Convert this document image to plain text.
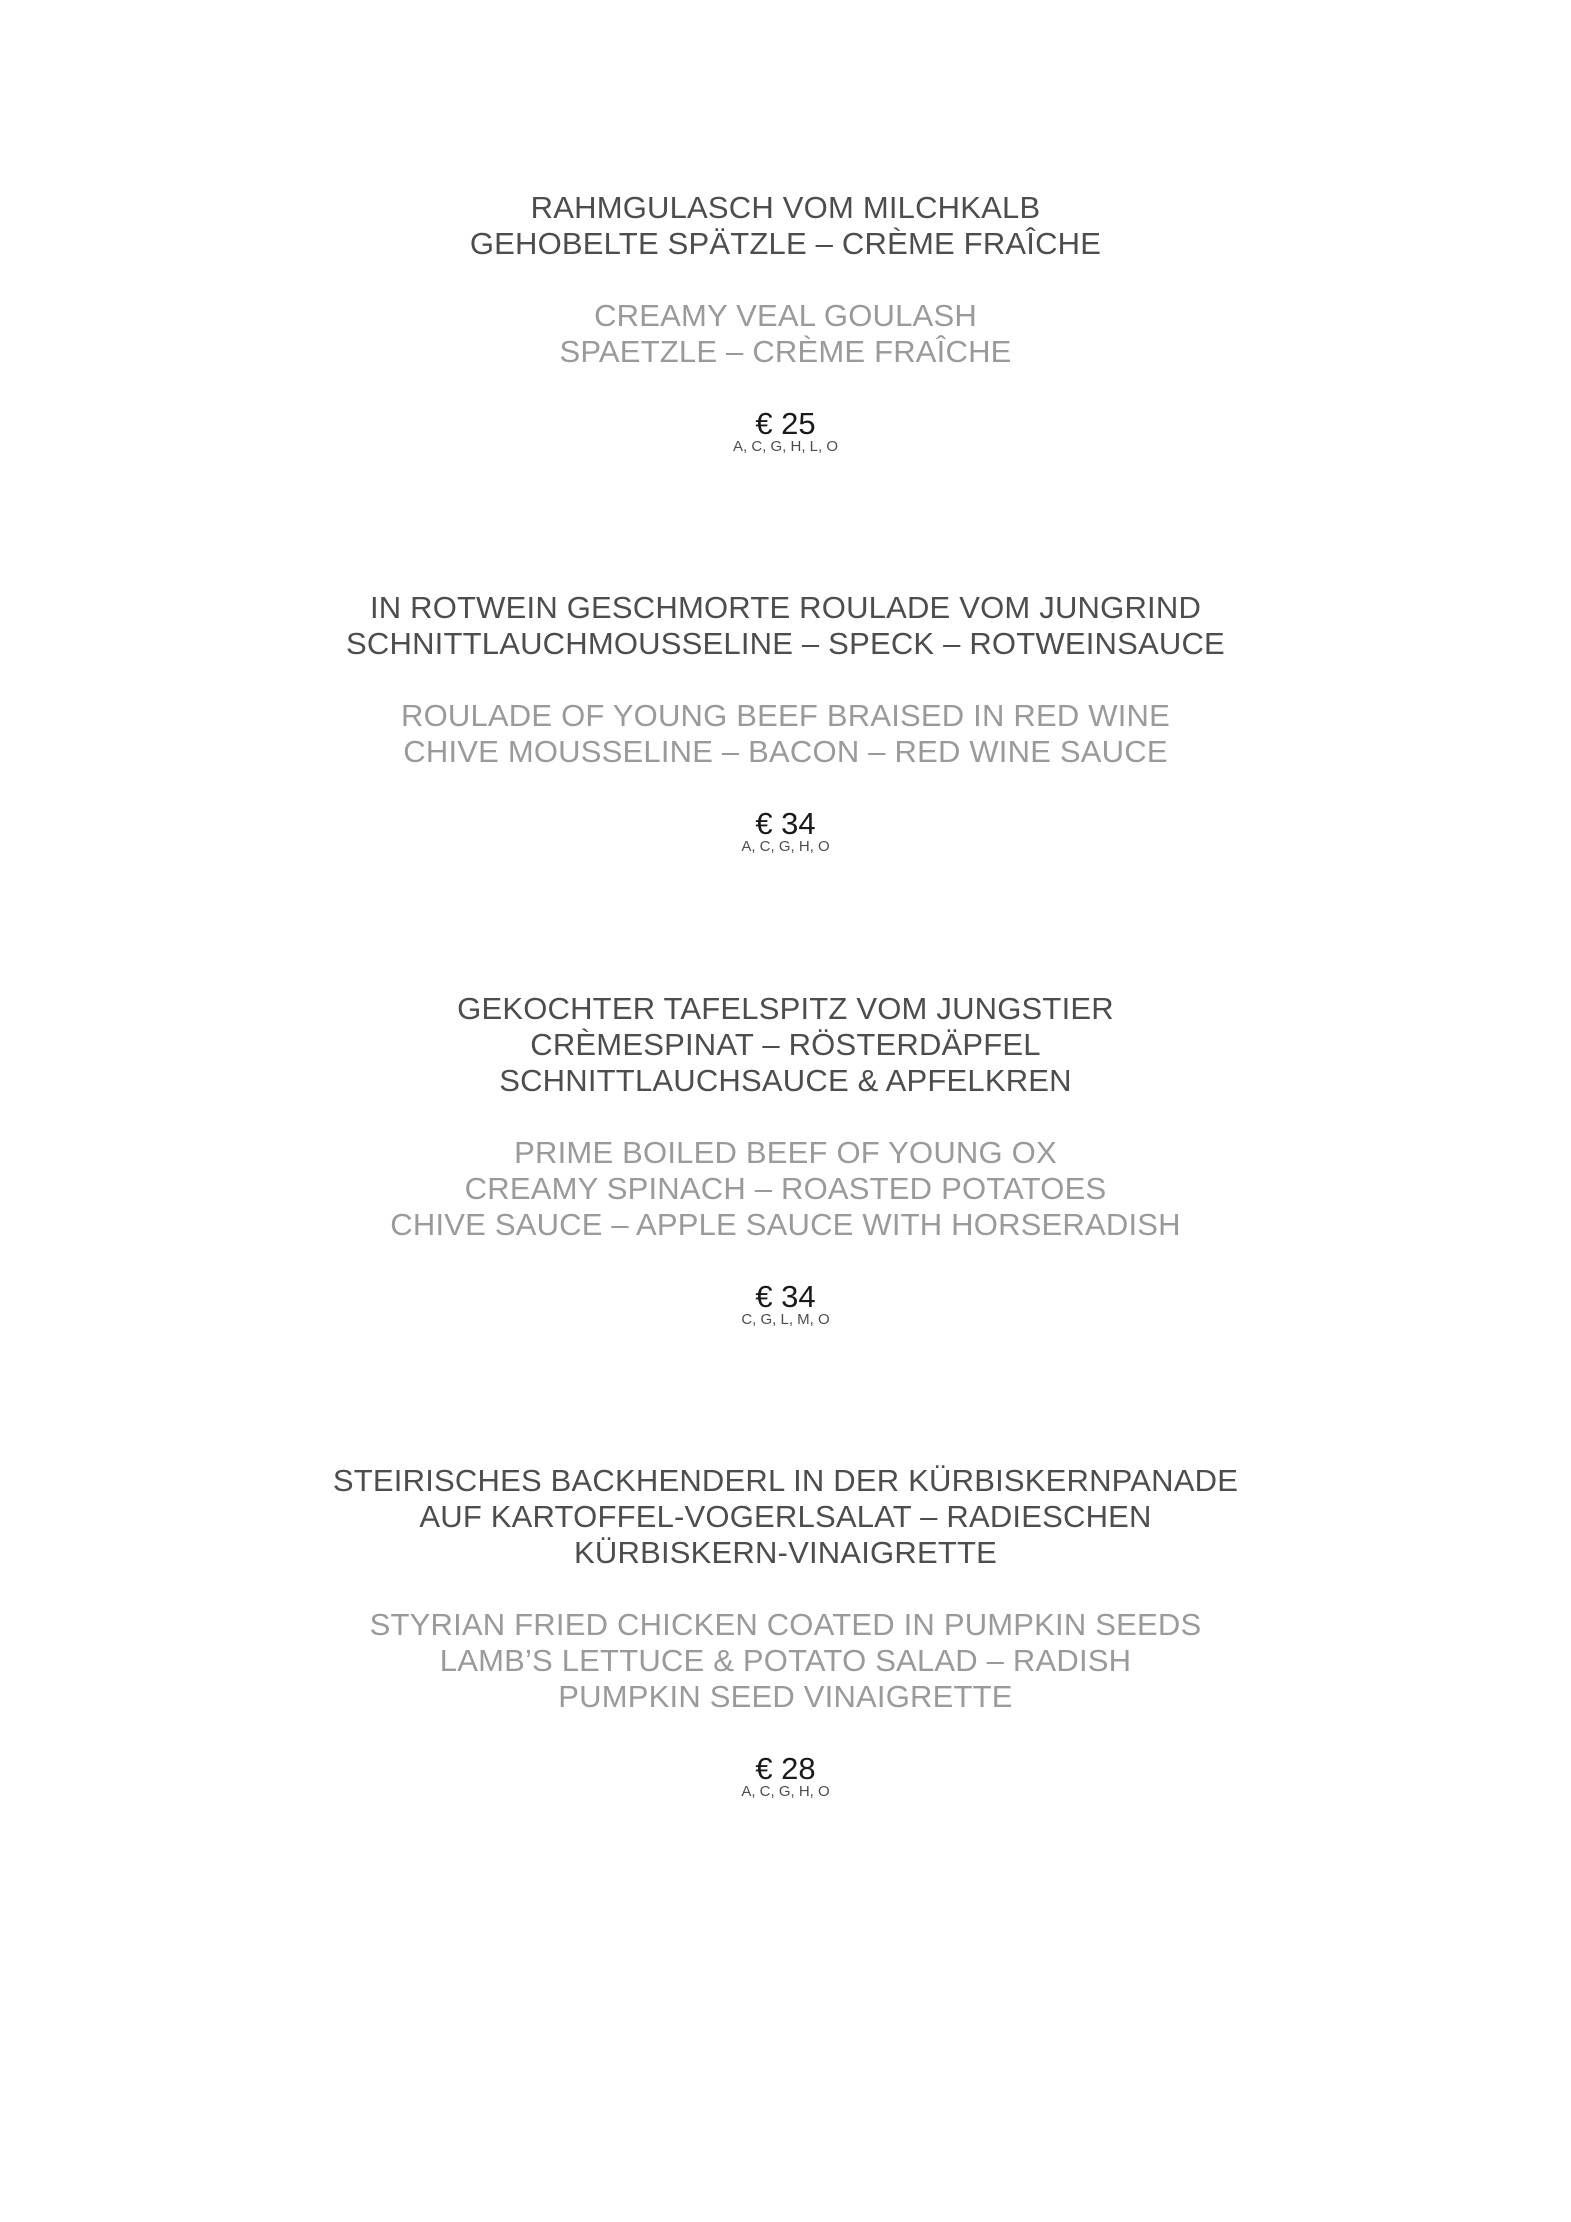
RAHMGULASCH VOM MILCHKALB
GEHOBELTE SPÄTZLE – CRÈME FRAÎCHE
CREAMY VEAL GOULASH
SPAETZLE – CRÈME FRAÎCHE
€ 25
A, C, G, H, L, O
IN ROTWEIN GESCHMORTE ROULADE VOM JUNGRIND
SCHNITTLAUCHMOUSSELINE – SPECK – ROTWEINSAUCE
ROULADE OF YOUNG BEEF BRAISED IN RED WINE
CHIVE MOUSSELINE – BACON – RED WINE SAUCE
€ 34
A, C, G, H, O
GEKOCHTER TAFELSPITZ VOM JUNGSTIER
CRÈMESPINAT – RÖSTERDÄPFEL
SCHNITTLAUCHSAUCE & APFELKREN
PRIME BOILED BEEF OF YOUNG OX
CREAMY SPINACH – ROASTED POTATOES
CHIVE SAUCE – APPLE SAUCE WITH HORSERADISH
€ 34
C, G, L, M, O
STEIRISCHES BACKHENDERL IN DER KÜRBISKERNPANADE
AUF KARTOFFEL-VOGERLSALAT – RADIESCHEN
KÜRBISKERN-VINAIGRETTE
STYRIAN FRIED CHICKEN COATED IN PUMPKIN SEEDS
LAMB’S LETTUCE & POTATO SALAD – RADISH
PUMPKIN SEED VINAIGRETTE
€ 28
A, C, G, H, O
